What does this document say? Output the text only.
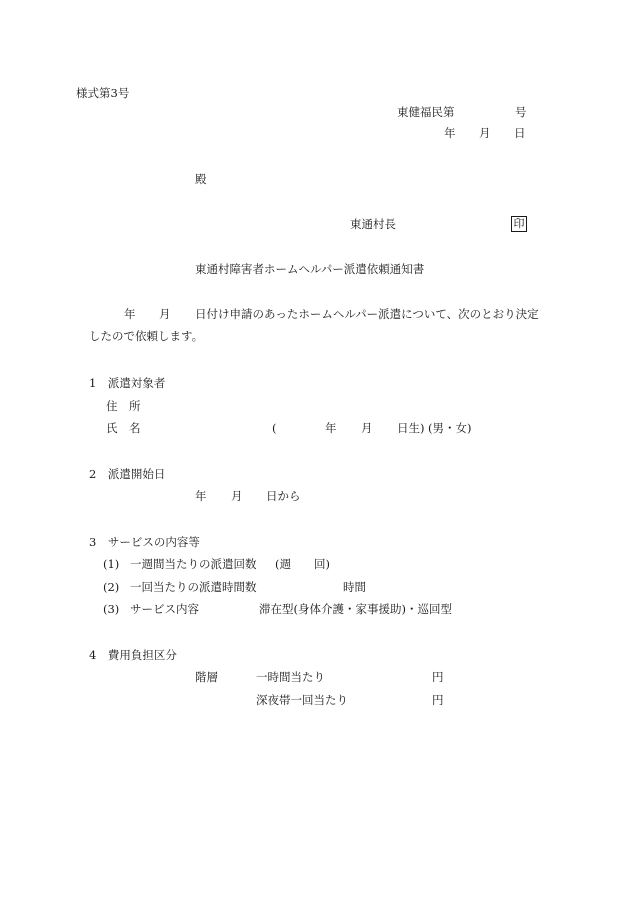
様式第3号
東健福民第	号
年 月 日
殿
東通村長	印
東通村障害者ホームヘルパー派遣依頼通知書
年 月 日付け申請のあったホームヘルパー派遣について、次のとおり決定
したので依頼します。
1　派遣対象者
住　所
氏　名	(	年 月 日生) (男・女)
2　派遣開始日
年 月 日から
3　サービスの内容等
(1) 一週間当たりの派遣回数 (週　　回)
(2) 一回当たりの派遣時間数	時間
(3) サービス内容	滞在型(身体介護・家事援助)・巡回型
4　費用負担区分
階層	一時間当たり	円
深夜帯一回当たり	円
